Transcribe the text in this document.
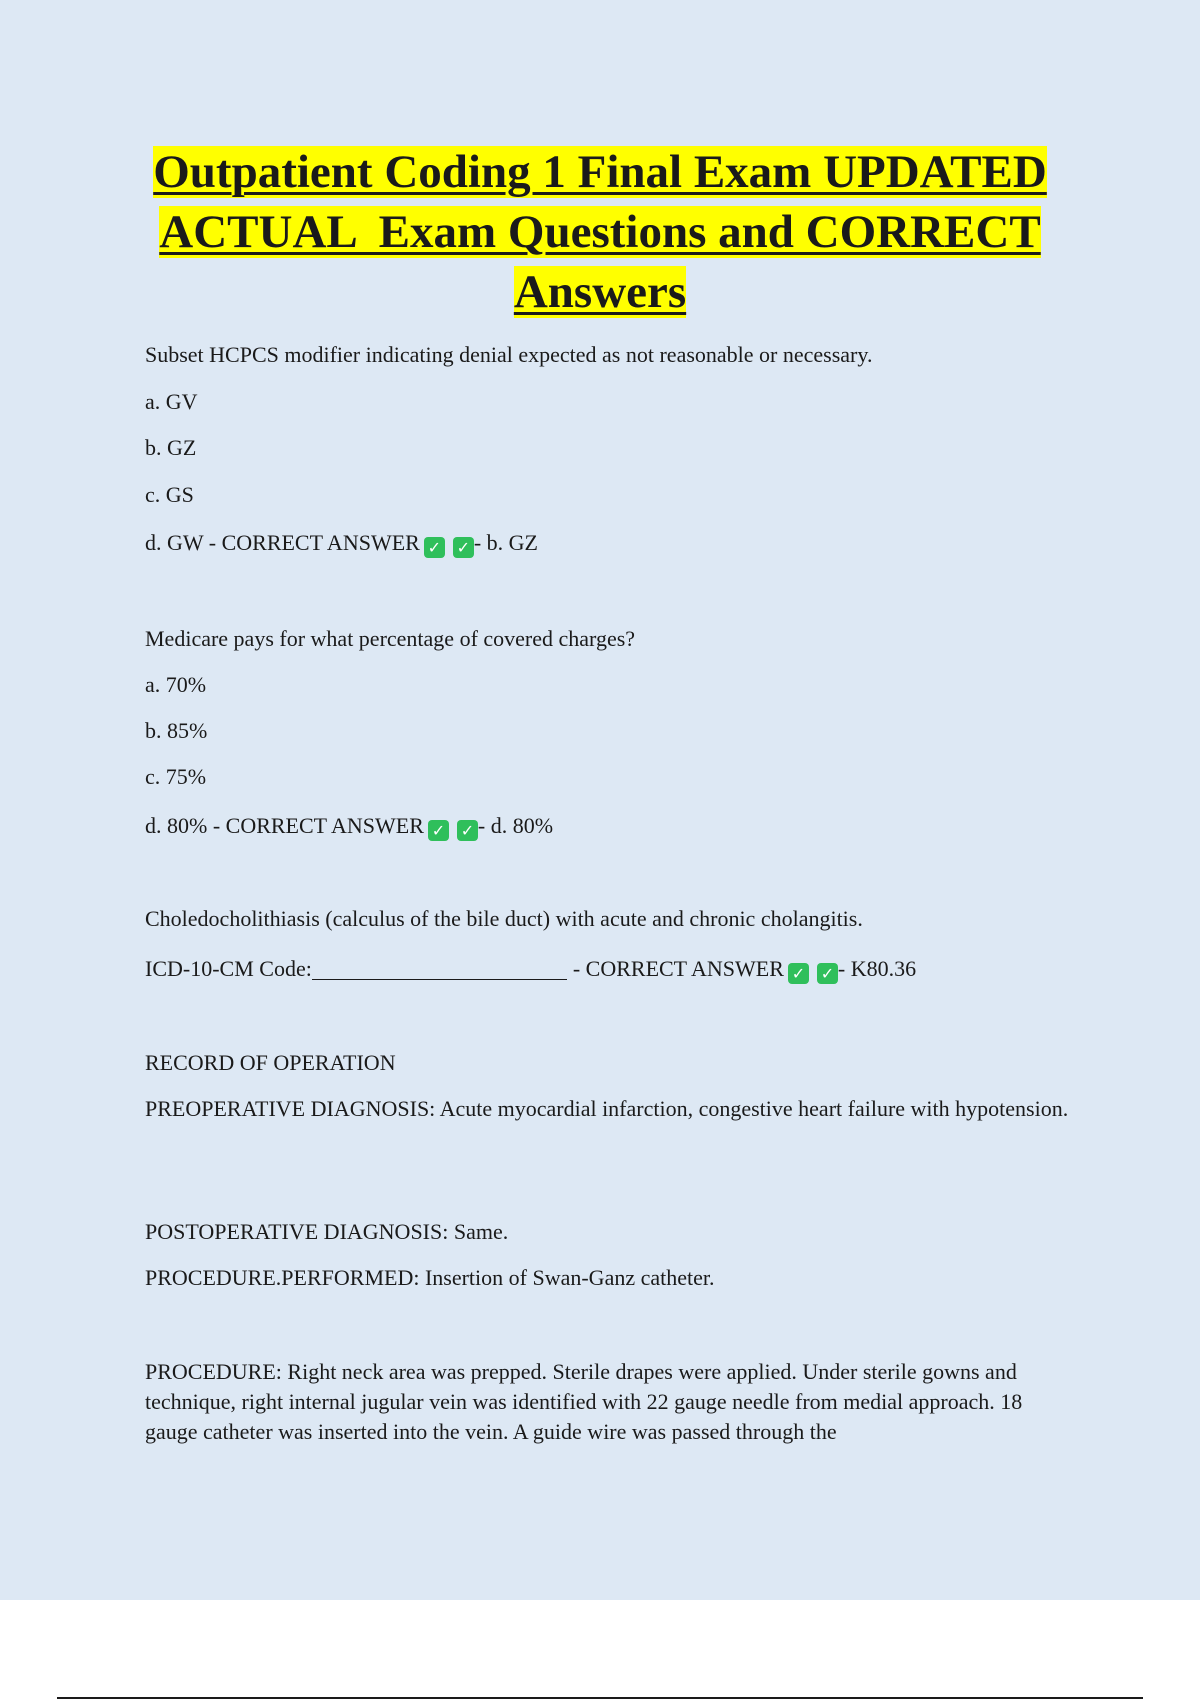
Outpatient Coding 1 Final Exam UPDATED
ACTUAL  Exam Questions and CORRECT
Answers
Subset HCPCS modifier indicating denial expected as not reasonable or necessary.
a. GV
b. GZ
c. GS
d. GW - CORRECT ANSWER ✓ ✓ - b. GZ
Medicare pays for what percentage of covered charges?
a. 70%
b. 85%
c. 75%
d. 80% - CORRECT ANSWER ✓ ✓ - d. 80%
Choledocholithiasis (calculus of the bile duct) with acute and chronic cholangitis.
ICD-10-CM Code:	- CORRECT ANSWER ✓ ✓ - K80.36
RECORD OF OPERATION
PREOPERATIVE DIAGNOSIS: Acute myocardial infarction, congestive heart failure with hypotension.
POSTOPERATIVE DIAGNOSIS: Same.
PROCEDURE.PERFORMED: Insertion of Swan-Ganz catheter.
PROCEDURE: Right neck area was prepped. Sterile drapes were applied. Under sterile gowns and technique, right internal jugular vein was identified with 22 gauge needle from medial approach. 18 gauge catheter was inserted into the vein. A guide wire was passed through the
